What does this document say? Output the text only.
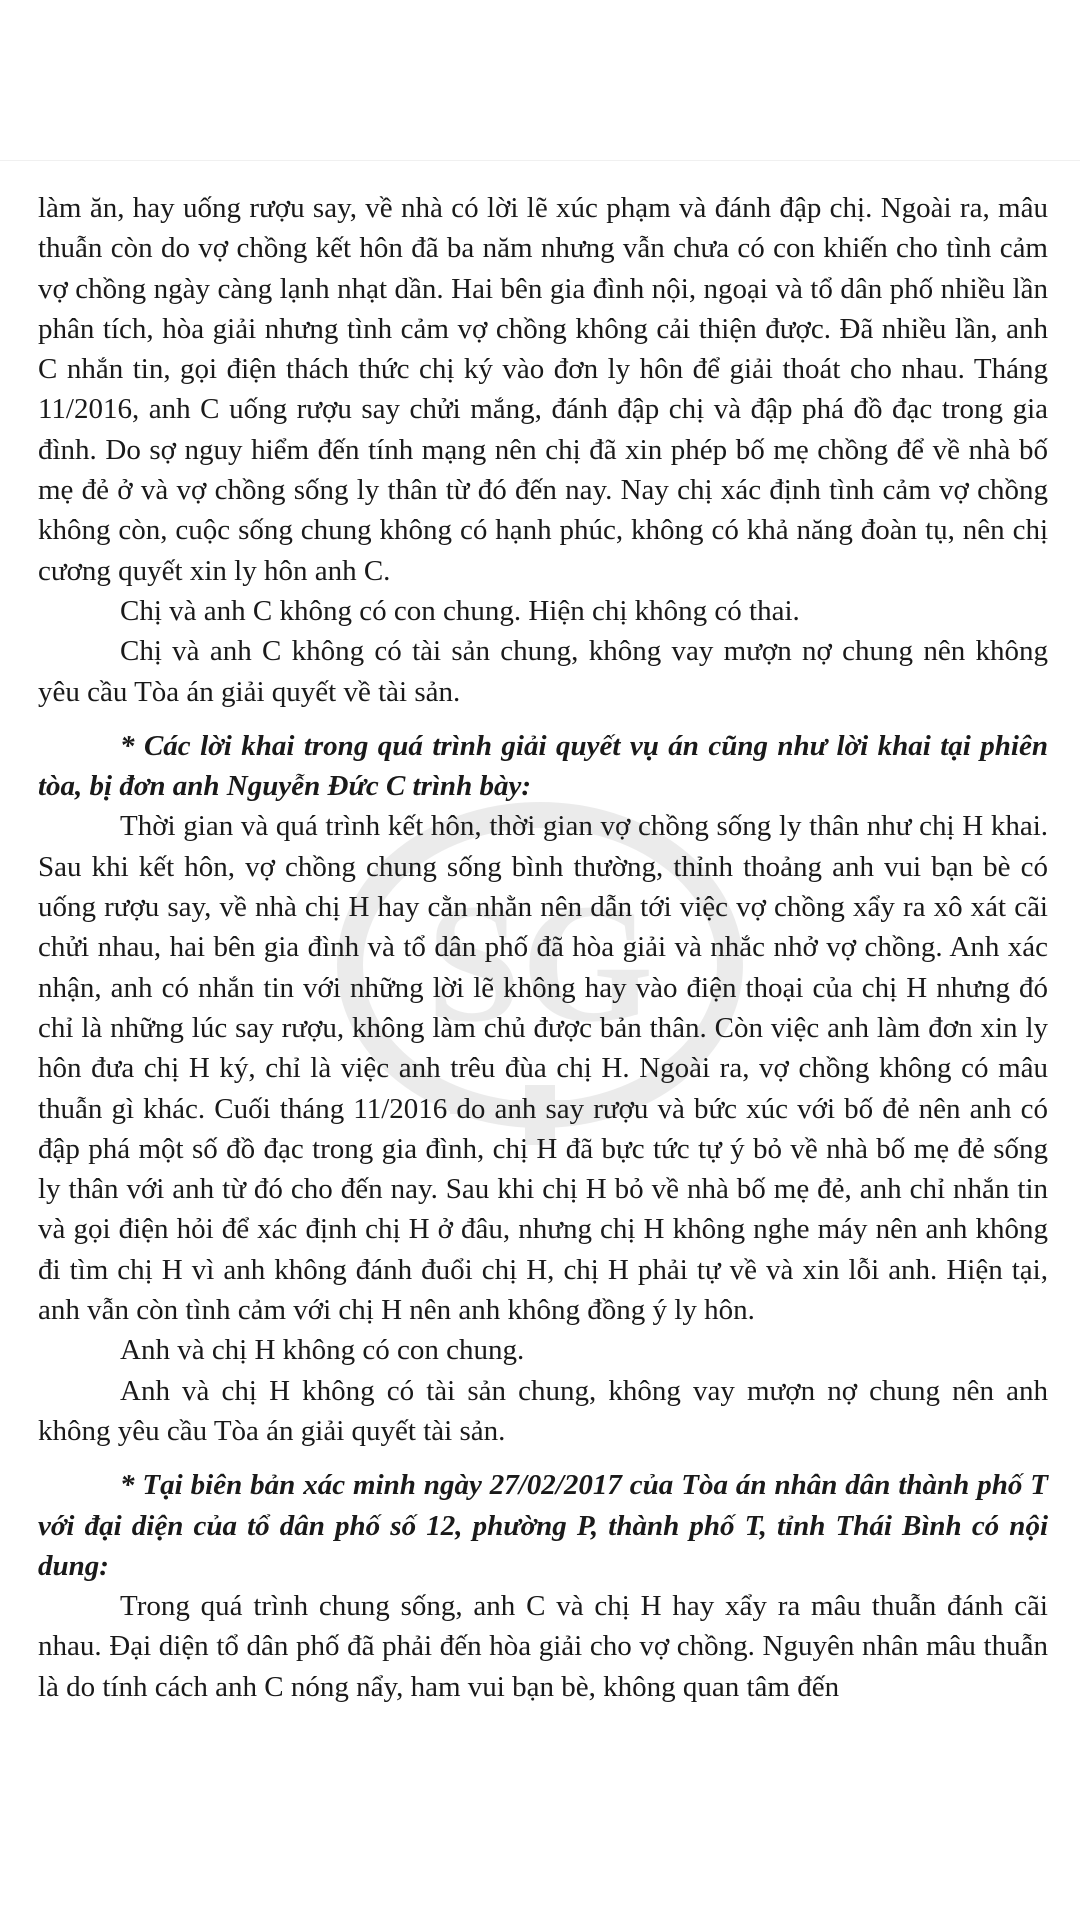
SG

làm ăn, hay uống rượu say, về nhà có lời lẽ xúc phạm và đánh đập chị. Ngoài ra, mâu thuẫn còn do vợ chồng kết hôn đã ba năm nhưng vẫn chưa có con khiến cho tình cảm vợ chồng ngày càng lạnh nhạt dần. Hai bên gia đình nội, ngoại và tổ dân phố nhiều lần phân tích, hòa giải nhưng tình cảm vợ chồng không cải thiện được. Đã nhiều lần, anh C nhắn tin, gọi điện thách thức chị ký vào đơn ly hôn để giải thoát cho nhau. Tháng 11/2016, anh C uống rượu say chửi mắng, đánh đập chị và đập phá đồ đạc trong gia đình. Do sợ nguy hiểm đến tính mạng nên chị đã xin phép bố mẹ chồng để về nhà bố mẹ đẻ ở và vợ chồng sống ly thân từ đó đến nay. Nay chị xác định tình cảm vợ chồng không còn, cuộc sống chung không có hạnh phúc, không có khả năng đoàn tụ, nên chị cương quyết xin ly hôn anh C.

Chị và anh C không có con chung. Hiện chị không có thai.

Chị và anh C không có tài sản chung, không vay mượn nợ chung nên không yêu cầu Tòa án giải quyết về tài sản.

* Các lời khai trong quá trình giải quyết vụ án cũng như lời khai tại phiên tòa, bị đơn anh Nguyễn Đức C trình bày:

Thời gian và quá trình kết hôn, thời gian vợ chồng sống ly thân như chị H khai. Sau khi kết hôn, vợ chồng chung sống bình thường, thỉnh thoảng anh vui bạn bè có uống rượu say, về nhà chị H hay cằn nhằn nên dẫn tới việc vợ chồng xẩy ra xô xát cãi chửi nhau, hai bên gia đình và tổ dân phố đã hòa giải và nhắc nhở vợ chồng. Anh xác nhận, anh có nhắn tin với những lời lẽ không hay vào điện thoại của chị H nhưng đó chỉ là những lúc say rượu, không làm chủ được bản thân. Còn việc anh làm đơn xin ly hôn đưa chị H ký, chỉ là việc anh trêu đùa chị H. Ngoài ra, vợ chồng không có mâu thuẫn gì khác. Cuối tháng 11/2016 do anh say rượu và bức xúc với bố đẻ nên anh có đập phá một số đồ đạc trong gia đình, chị H đã bực tức tự ý bỏ về nhà bố mẹ đẻ sống ly thân với anh từ đó cho đến nay. Sau khi chị H bỏ về nhà bố mẹ đẻ, anh chỉ nhắn tin và gọi điện hỏi để xác định chị H ở đâu, nhưng chị H không nghe máy nên anh không đi tìm chị H vì anh không đánh đuổi chị H, chị H phải tự về và xin lỗi anh. Hiện tại, anh vẫn còn tình cảm với chị H nên anh không đồng ý ly hôn.

Anh và chị H không có con chung.

Anh và chị H không có tài sản chung, không vay mượn nợ chung nên anh không yêu cầu Tòa án giải quyết tài sản.

* Tại biên bản xác minh ngày 27/02/2017 của Tòa án nhân dân thành phố T với đại diện của tổ dân phố số 12, phường P, thành phố T, tỉnh Thái Bình có nội dung:

Trong quá trình chung sống, anh C và chị H hay xẩy ra mâu thuẫn đánh cãi nhau. Đại diện tổ dân phố đã phải đến hòa giải cho vợ chồng. Nguyên nhân mâu thuẫn là do tính cách anh C nóng nẩy, ham vui bạn bè, không quan tâm đến
